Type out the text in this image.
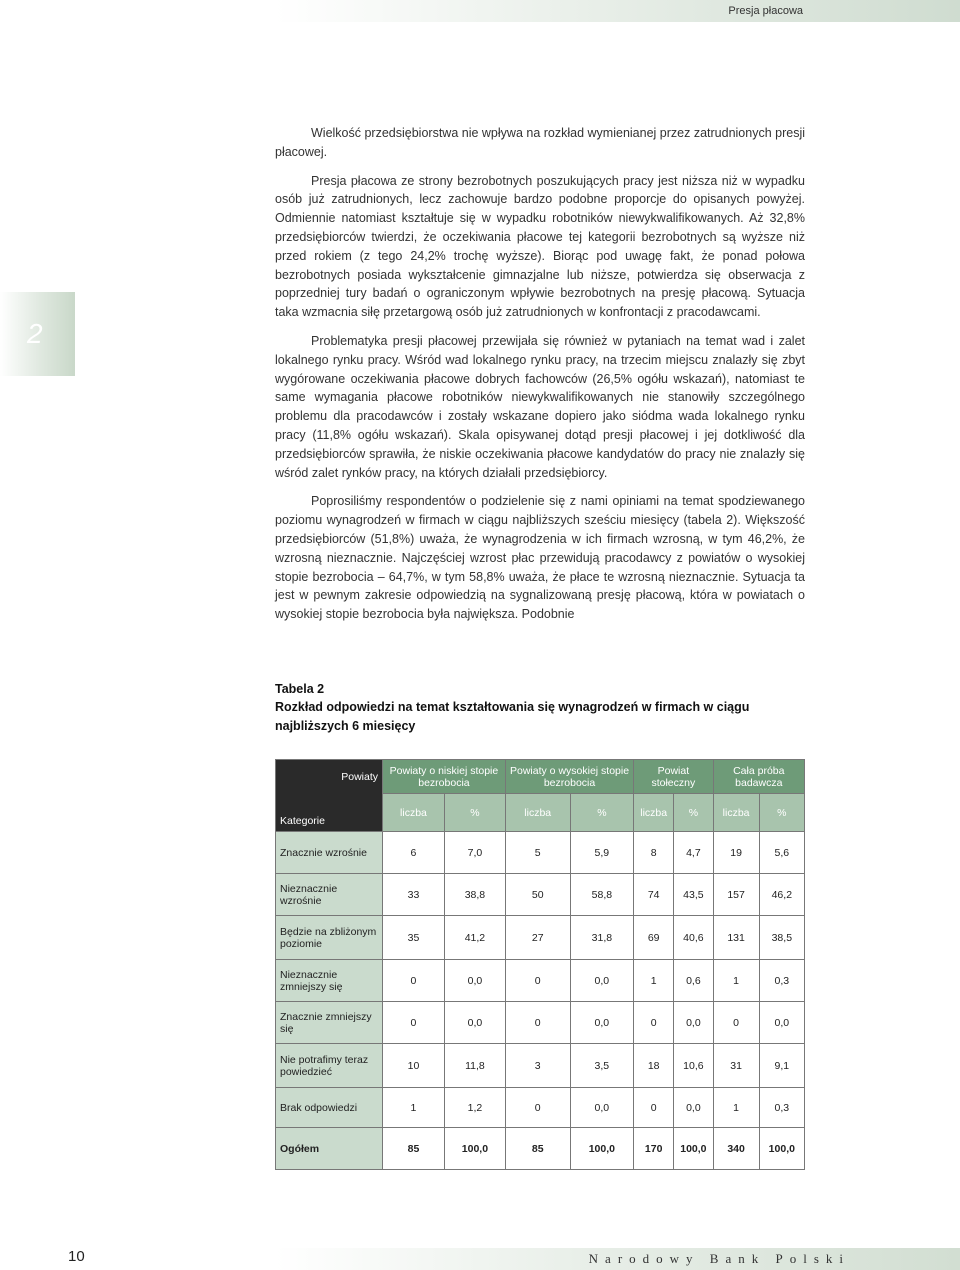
Presja płacowa
2

Wielkość przedsiębiorstwa nie wpływa na rozkład wymienianej przez zatrudnionych presji płacowej.

Presja płacowa ze strony bezrobotnych poszukujących pracy jest niższa niż w wypadku osób już zatrudnionych, lecz zachowuje bardzo podobne proporcje do opisanych powyżej. Odmiennie natomiast kształtuje się w wypadku robotników niewykwalifikowanych. Aż 32,8% przedsiębiorców twierdzi, że oczekiwania płacowe tej kategorii bezrobotnych są wyższe niż przed rokiem (z tego 24,2% trochę wyższe). Biorąc pod uwagę fakt, że ponad połowa bezrobotnych posiada wykształcenie gimnazjalne lub niższe, potwierdza się obserwacja z poprzedniej tury badań o ograniczonym wpływie bezrobotnych na presję płacową. Sytuacja taka wzmacnia siłę przetargową osób już zatrudnionych w konfrontacji z pracodawcami.

Problematyka presji płacowej przewijała się również w pytaniach na temat wad i zalet lokalnego rynku pracy. Wśród wad lokalnego rynku pracy, na trzecim miejscu znalazły się zbyt wygórowane oczekiwania płacowe dobrych fachowców (26,5% ogółu wskazań), natomiast te same wymagania płacowe robotników niewykwalifikowanych nie stanowiły szczególnego problemu dla pracodawców i zostały wskazane dopiero jako siódma wada lokalnego rynku pracy (11,8% ogółu wskazań). Skala opisywanej dotąd presji płacowej i jej dotkliwość dla przedsiębiorców sprawiła, że niskie oczekiwania płacowe kandydatów do pracy nie znalazły się wśród zalet rynków pracy, na których działali przedsiębiorcy.

Poprosiliśmy respondentów o podzielenie się z nami opiniami na temat spodziewanego poziomu wynagrodzeń w firmach w ciągu najbliższych sześciu miesięcy (tabela 2). Większość przedsiębiorców (51,8%) uważa, że wynagrodzenia w ich firmach wzrosną, w tym 46,2%, że wzrosną nieznacznie. Najczęściej wzrost płac przewidują pracodawcy z powiatów o wysokiej stopie bezrobocia – 64,7%, w tym 58,8% uważa, że płace te wzrosną nieznacznie. Sytuacja ta jest w pewnym zakresie odpowiedzią na sygnalizowaną presję płacową, która w powiatach o wysokiej stopie bezrobocia była największa. Podobnie

Tabela 2
Rozkład odpowiedzi na temat kształtowania się wynagrodzeń w firmach w ciągu najbliższych 6 miesięcy
Powiaty	Powiaty o niskiej stopie bezrobocia		Powiaty o wysokiej stopie bezrobocia		Powiat stołeczny		Cała próba badawcza	
Kategorie	liczba	%	liczba	%	liczba	%	liczba	%
Znacznie wzrośnie	6	7,0	5	5,9	8	4,7	19	5,6
Nieznacznie wzrośnie	33	38,8	50	58,8	74	43,5	157	46,2
Będzie na zbliżonym poziomie	35	41,2	27	31,8	69	40,6	131	38,5
Nieznacznie zmniejszy się	0	0,0	0	0,0	1	0,6	1	0,3
Znacznie zmniejszy się	0	0,0	0	0,0	0	0,0	0	0,0
Nie potrafimy teraz powiedzieć	10	11,8	3	3,5	18	10,6	31	9,1
Brak odpowiedzi	1	1,2	0	0,0	0	0,0	1	0,3
Ogółem	85	100,0	85	100,0	170	100,0	340	100,0
10	Narodowy Bank Polski
